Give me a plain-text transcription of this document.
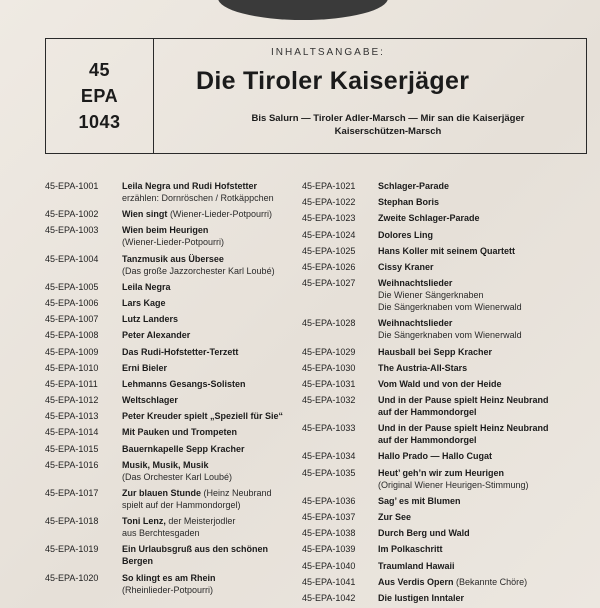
45
EPA
1043
INHALTSANGABE:
Die Tiroler Kaiserjäger
Bis Salurn — Tiroler Adler-Marsch — Mir san die Kaiserjäger
Kaiserschützen-Marsch
45-EPA-1001	Leila Negra und Rudi Hofstetter
erzählen: Dornröschen / Rotkäppchen
45-EPA-1002	Wien singt (Wiener-Lieder-Potpourri)
45-EPA-1003	Wien beim Heurigen
(Wiener-Lieder-Potpourri)
45-EPA-1004	Tanzmusik aus Übersee
(Das große Jazzorchester Karl Loubé)
45-EPA-1005	Leila Negra
45-EPA-1006	Lars Kage
45-EPA-1007	Lutz Landers
45-EPA-1008	Peter Alexander
45-EPA-1009	Das Rudi-Hofstetter-Terzett
45-EPA-1010	Erni Bieler
45-EPA-1011	Lehmanns Gesangs-Solisten
45-EPA-1012	Weltschlager
45-EPA-1013	Peter Kreuder spielt „Speziell für Sie“
45-EPA-1014	Mit Pauken und Trompeten
45-EPA-1015	Bauernkapelle Sepp Kracher
45-EPA-1016	Musik, Musik, Musik
(Das Orchester Karl Loubé)
45-EPA-1017	Zur blauen Stunde (Heinz Neubrand
spielt auf der Hammondorgel)
45-EPA-1018	Toni Lenz, der Meisterjodler
aus Berchtesgaden
45-EPA-1019	Ein Urlaubsgruß aus den schönen
Bergen
45-EPA-1020	So klingt es am Rhein
(Rheinlieder-Potpourri)
45-EPA-1021	Schlager-Parade
45-EPA-1022	Stephan Boris
45-EPA-1023	Zweite Schlager-Parade
45-EPA-1024	Dolores Ling
45-EPA-1025	Hans Koller mit seinem Quartett
45-EPA-1026	Cissy Kraner
45-EPA-1027	Weihnachtslieder
Die Wiener Sängerknaben
Die Sängerknaben vom Wienerwald
45-EPA-1028	Weihnachtslieder
Die Sängerknaben vom Wienerwald
45-EPA-1029	Hausball bei Sepp Kracher
45-EPA-1030	The Austria-All-Stars
45-EPA-1031	Vom Wald und von der Heide
45-EPA-1032	Und in der Pause spielt Heinz Neubrand
auf der Hammondorgel
45-EPA-1033	Und in der Pause spielt Heinz Neubrand
auf der Hammondorgel
45-EPA-1034	Hallo Prado — Hallo Cugat
45-EPA-1035	Heut’ geh’n wir zum Heurigen
(Original Wiener Heurigen-Stimmung)
45-EPA-1036	Sag’ es mit Blumen
45-EPA-1037	Zur See
45-EPA-1038	Durch Berg und Wald
45-EPA-1039	Im Polkaschritt
45-EPA-1040	Traumland Hawaii
45-EPA-1041	Aus Verdis Opern (Bekannte Chöre)
45-EPA-1042	Die lustigen Inntaler
